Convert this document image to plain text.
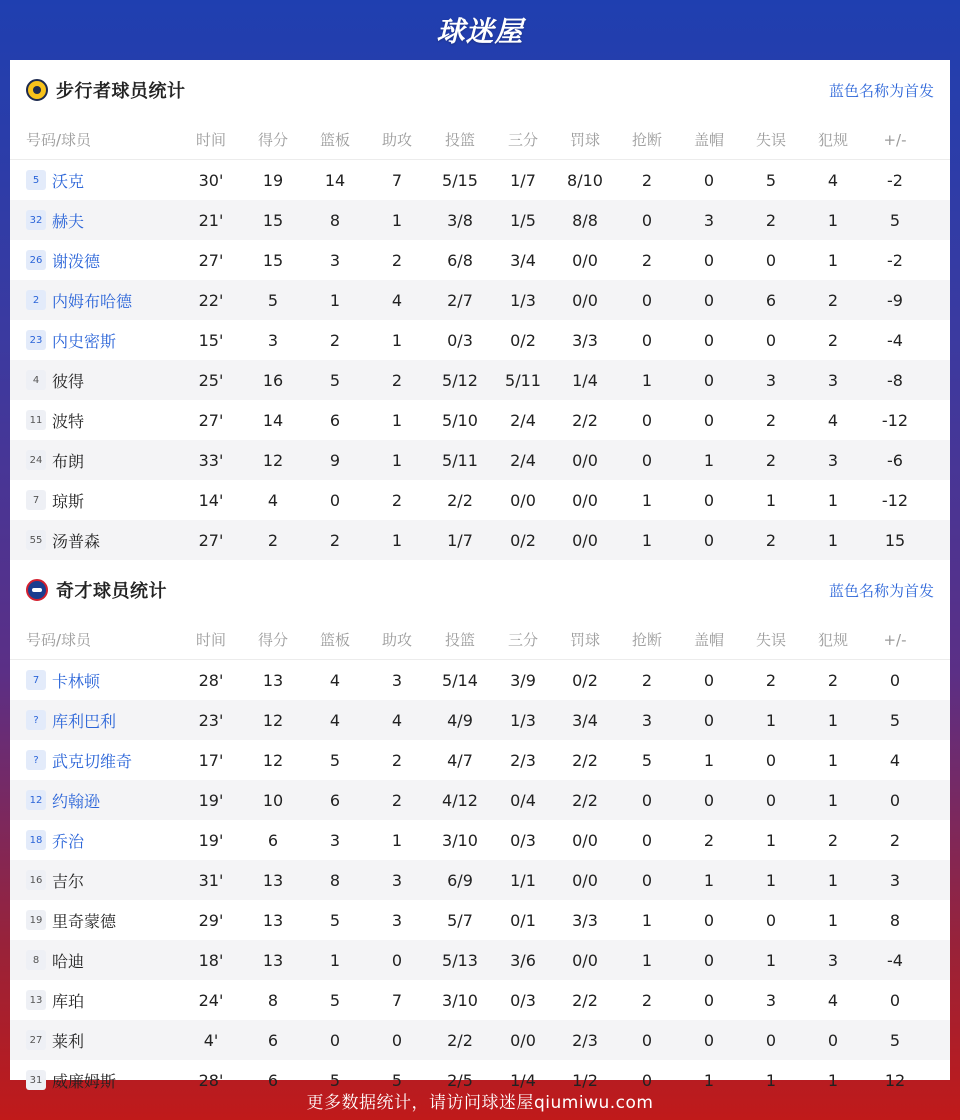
球迷屋
步行者球员统计	蓝色名称为首发
号码/球员	时间	得分	篮板	助攻	投篮	三分	罚球	抢断	盖帽	失误	犯规	+/-
5 沃克	30'	19	14	7	5/15	1/7	8/10	2	0	5	4	-2
32 赫夫	21'	15	8	1	3/8	1/5	8/8	0	3	2	1	5
26 谢泼德	27'	15	3	2	6/8	3/4	0/0	2	0	0	1	-2
2 内姆布哈德	22'	5	1	4	2/7	1/3	0/0	0	0	6	2	-9
23 内史密斯	15'	3	2	1	0/3	0/2	3/3	0	0	0	2	-4
4 彼得	25'	16	5	2	5/12	5/11	1/4	1	0	3	3	-8
11 波特	27'	14	6	1	5/10	2/4	2/2	0	0	2	4	-12
24 布朗	33'	12	9	1	5/11	2/4	0/0	0	1	2	3	-6
7 琼斯	14'	4	0	2	2/2	0/0	0/0	1	0	1	1	-12
55 汤普森	27'	2	2	1	1/7	0/2	0/0	1	0	2	1	15
奇才球员统计	蓝色名称为首发
号码/球员	时间	得分	篮板	助攻	投篮	三分	罚球	抢断	盖帽	失误	犯规	+/-
7 卡林顿	28'	13	4	3	5/14	3/9	0/2	2	0	2	2	0
? 库利巴利	23'	12	4	4	4/9	1/3	3/4	3	0	1	1	5
? 武克切维奇	17'	12	5	2	4/7	2/3	2/2	5	1	0	1	4
12 约翰逊	19'	10	6	2	4/12	0/4	2/2	0	0	0	1	0
18 乔治	19'	6	3	1	3/10	0/3	0/0	0	2	1	2	2
16 吉尔	31'	13	8	3	6/9	1/1	0/0	0	1	1	1	3
19 里奇蒙德	29'	13	5	3	5/7	0/1	3/3	1	0	0	1	8
8 哈迪	18'	13	1	0	5/13	3/6	0/0	1	0	1	3	-4
13 库珀	24'	8	5	7	3/10	0/3	2/2	2	0	3	4	0
27 莱利	4'	6	0	0	2/2	0/0	2/3	0	0	0	0	5
31 威廉姆斯	28'	6	5	5	2/5	1/4	1/2	0	1	1	1	12
更多数据统计，请访问球迷屋qiumiwu.com
